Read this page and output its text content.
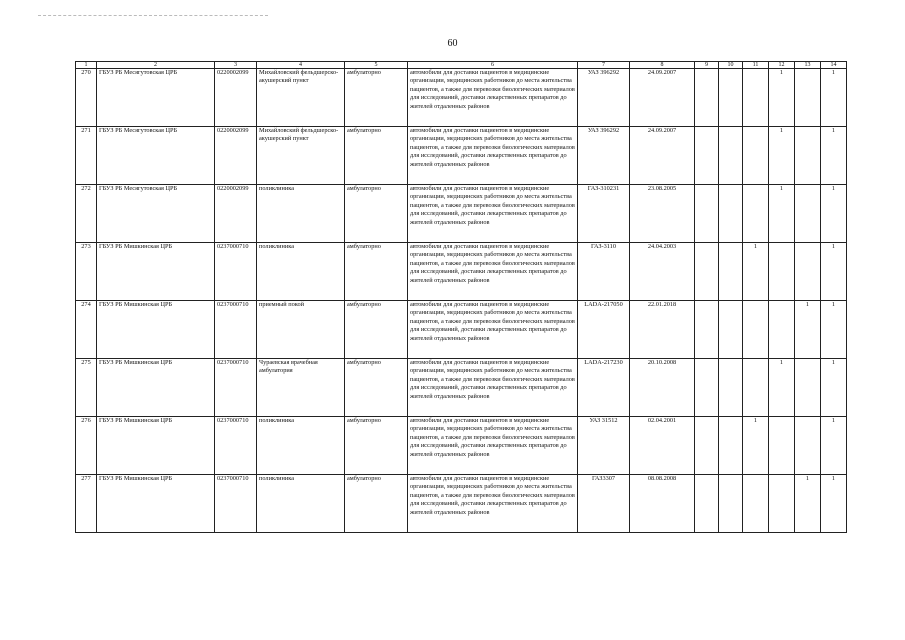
60
1	2	3	4	5	6	7	8	9	10	11	12	13	14
270	ГБУЗ РБ Месягутовская ЦРБ	0220002099	Михайловский фельдшерско-акушерский пункт	амбулаторно	автомобили для доставки пациентов в медицинские организации, медицинских работников до места жительства пациентов, а также для перевозки биологических материалов для исследований, доставки лекарственных препаратов до жителей отдаленных районов	УАЗ 396292	24.09.2007				1		1
271	ГБУЗ РБ Месягутовская ЦРБ	0220002099	Михайловский фельдшерско-акушерский пункт	амбулаторно	автомобили для доставки пациентов в медицинские организации, медицинских работников до места жительства пациентов, а также для перевозки биологических материалов для исследований, доставки лекарственных препаратов до жителей отдаленных районов	УАЗ 396292	24.09.2007				1		1
272	ГБУЗ РБ Месягутовская ЦРБ	0220002099	поликлиника	амбулаторно	автомобили для доставки пациентов в медицинские организации, медицинских работников до места жительства пациентов, а также для перевозки биологических материалов для исследований, доставки лекарственных препаратов до жителей отдаленных районов	ГАЗ-310231	23.08.2005				1		1
273	ГБУЗ РБ Мишкинская ЦРБ	0237000710	поликлиника	амбулаторно	автомобили для доставки пациентов в медицинские организации, медицинских работников до места жительства пациентов, а также для перевозки биологических материалов для исследований, доставки лекарственных препаратов до жителей отдаленных районов	ГАЗ-3110	24.04.2003			1			1
274	ГБУЗ РБ Мишкинская ЦРБ	0237000710	приемный покой	амбулаторно	автомобили для доставки пациентов в медицинские организации, медицинских работников до места жительства пациентов, а также для перевозки биологических материалов для исследований, доставки лекарственных препаратов до жителей отдаленных районов	LADA-217050	22.01.2018					1	1
275	ГБУЗ РБ Мишкинская ЦРБ	0237000710	Чураевская врачебная амбулатория	амбулаторно	автомобили для доставки пациентов в медицинские организации, медицинских работников до места жительства пациентов, а также для перевозки биологических материалов для исследований, доставки лекарственных препаратов до жителей отдаленных районов	LADA-217230	20.10.2008				1		1
276	ГБУЗ РБ Мишкинская ЦРБ	0237000710	поликлиника	амбулаторно	автомобили для доставки пациентов в медицинские организации, медицинских работников до места жительства пациентов, а также для перевозки биологических материалов для исследований, доставки лекарственных препаратов до жителей отдаленных районов	УАЗ 31512	02.04.2001			1			1
277	ГБУЗ РБ Мишкинская ЦРБ	0237000710	поликлиника	амбулаторно	автомобили для доставки пациентов в медицинские организации, медицинских работников до места жительства пациентов, а также для перевозки биологических материалов для исследований, доставки лекарственных препаратов до жителей отдаленных районов	ГАЗ3307	08.08.2008					1	1
